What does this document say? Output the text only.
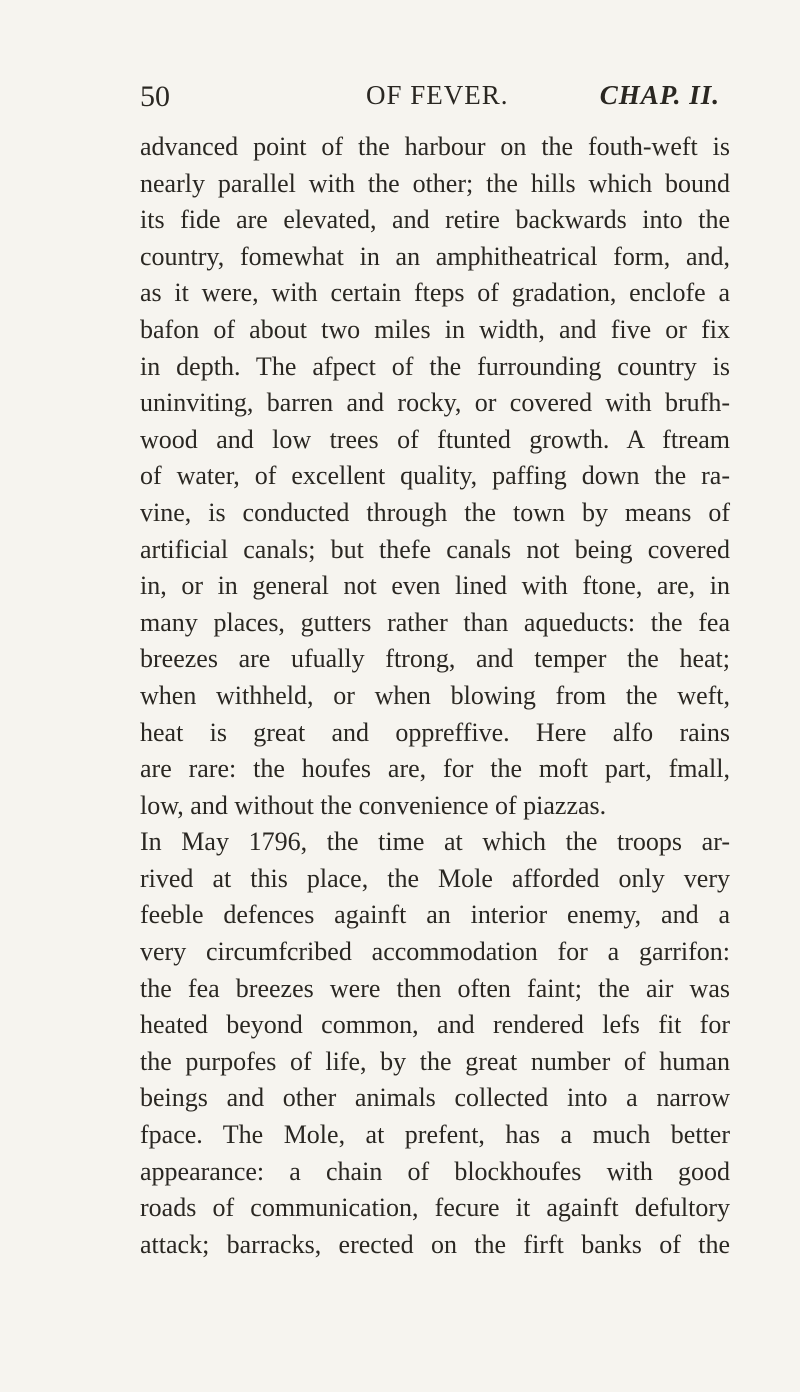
50	OF FEVER.	CHAP. II.
advanced point of the harbour on the fouth-weft is
nearly parallel with the other; the hills which bound
its fide are elevated, and retire backwards into the
country, fomewhat in an amphitheatrical form, and,
as it were, with certain fteps of gradation, enclofe a
bafon of about two miles in width, and five or fix
in depth. The afpect of the furrounding country is
uninviting, barren and rocky, or covered with brufh-
wood and low trees of ftunted growth. A ftream
of water, of excellent quality, paffing down the ra-
vine, is conducted through the town by means of
artificial canals; but thefe canals not being covered
in, or in general not even lined with ftone, are, in
many places, gutters rather than aqueducts: the fea
breezes are ufually ftrong, and temper the heat;
when withheld, or when blowing from the weft,
heat is great and oppreffive. Here alfo rains
are rare: the houfes are, for the moft part, fmall,
low, and without the convenience of piazzas.
In May 1796, the time at which the troops ar-
rived at this place, the Mole afforded only very
feeble defences againft an interior enemy, and a
very circumfcribed accommodation for a garrifon:
the fea breezes were then often faint; the air was
heated beyond common, and rendered lefs fit for
the purpofes of life, by the great number of human
beings and other animals collected into a narrow
fpace. The Mole, at prefent, has a much better
appearance: a chain of blockhoufes with good
roads of communication, fecure it againft defultory
attack; barracks, erected on the firft banks of the
